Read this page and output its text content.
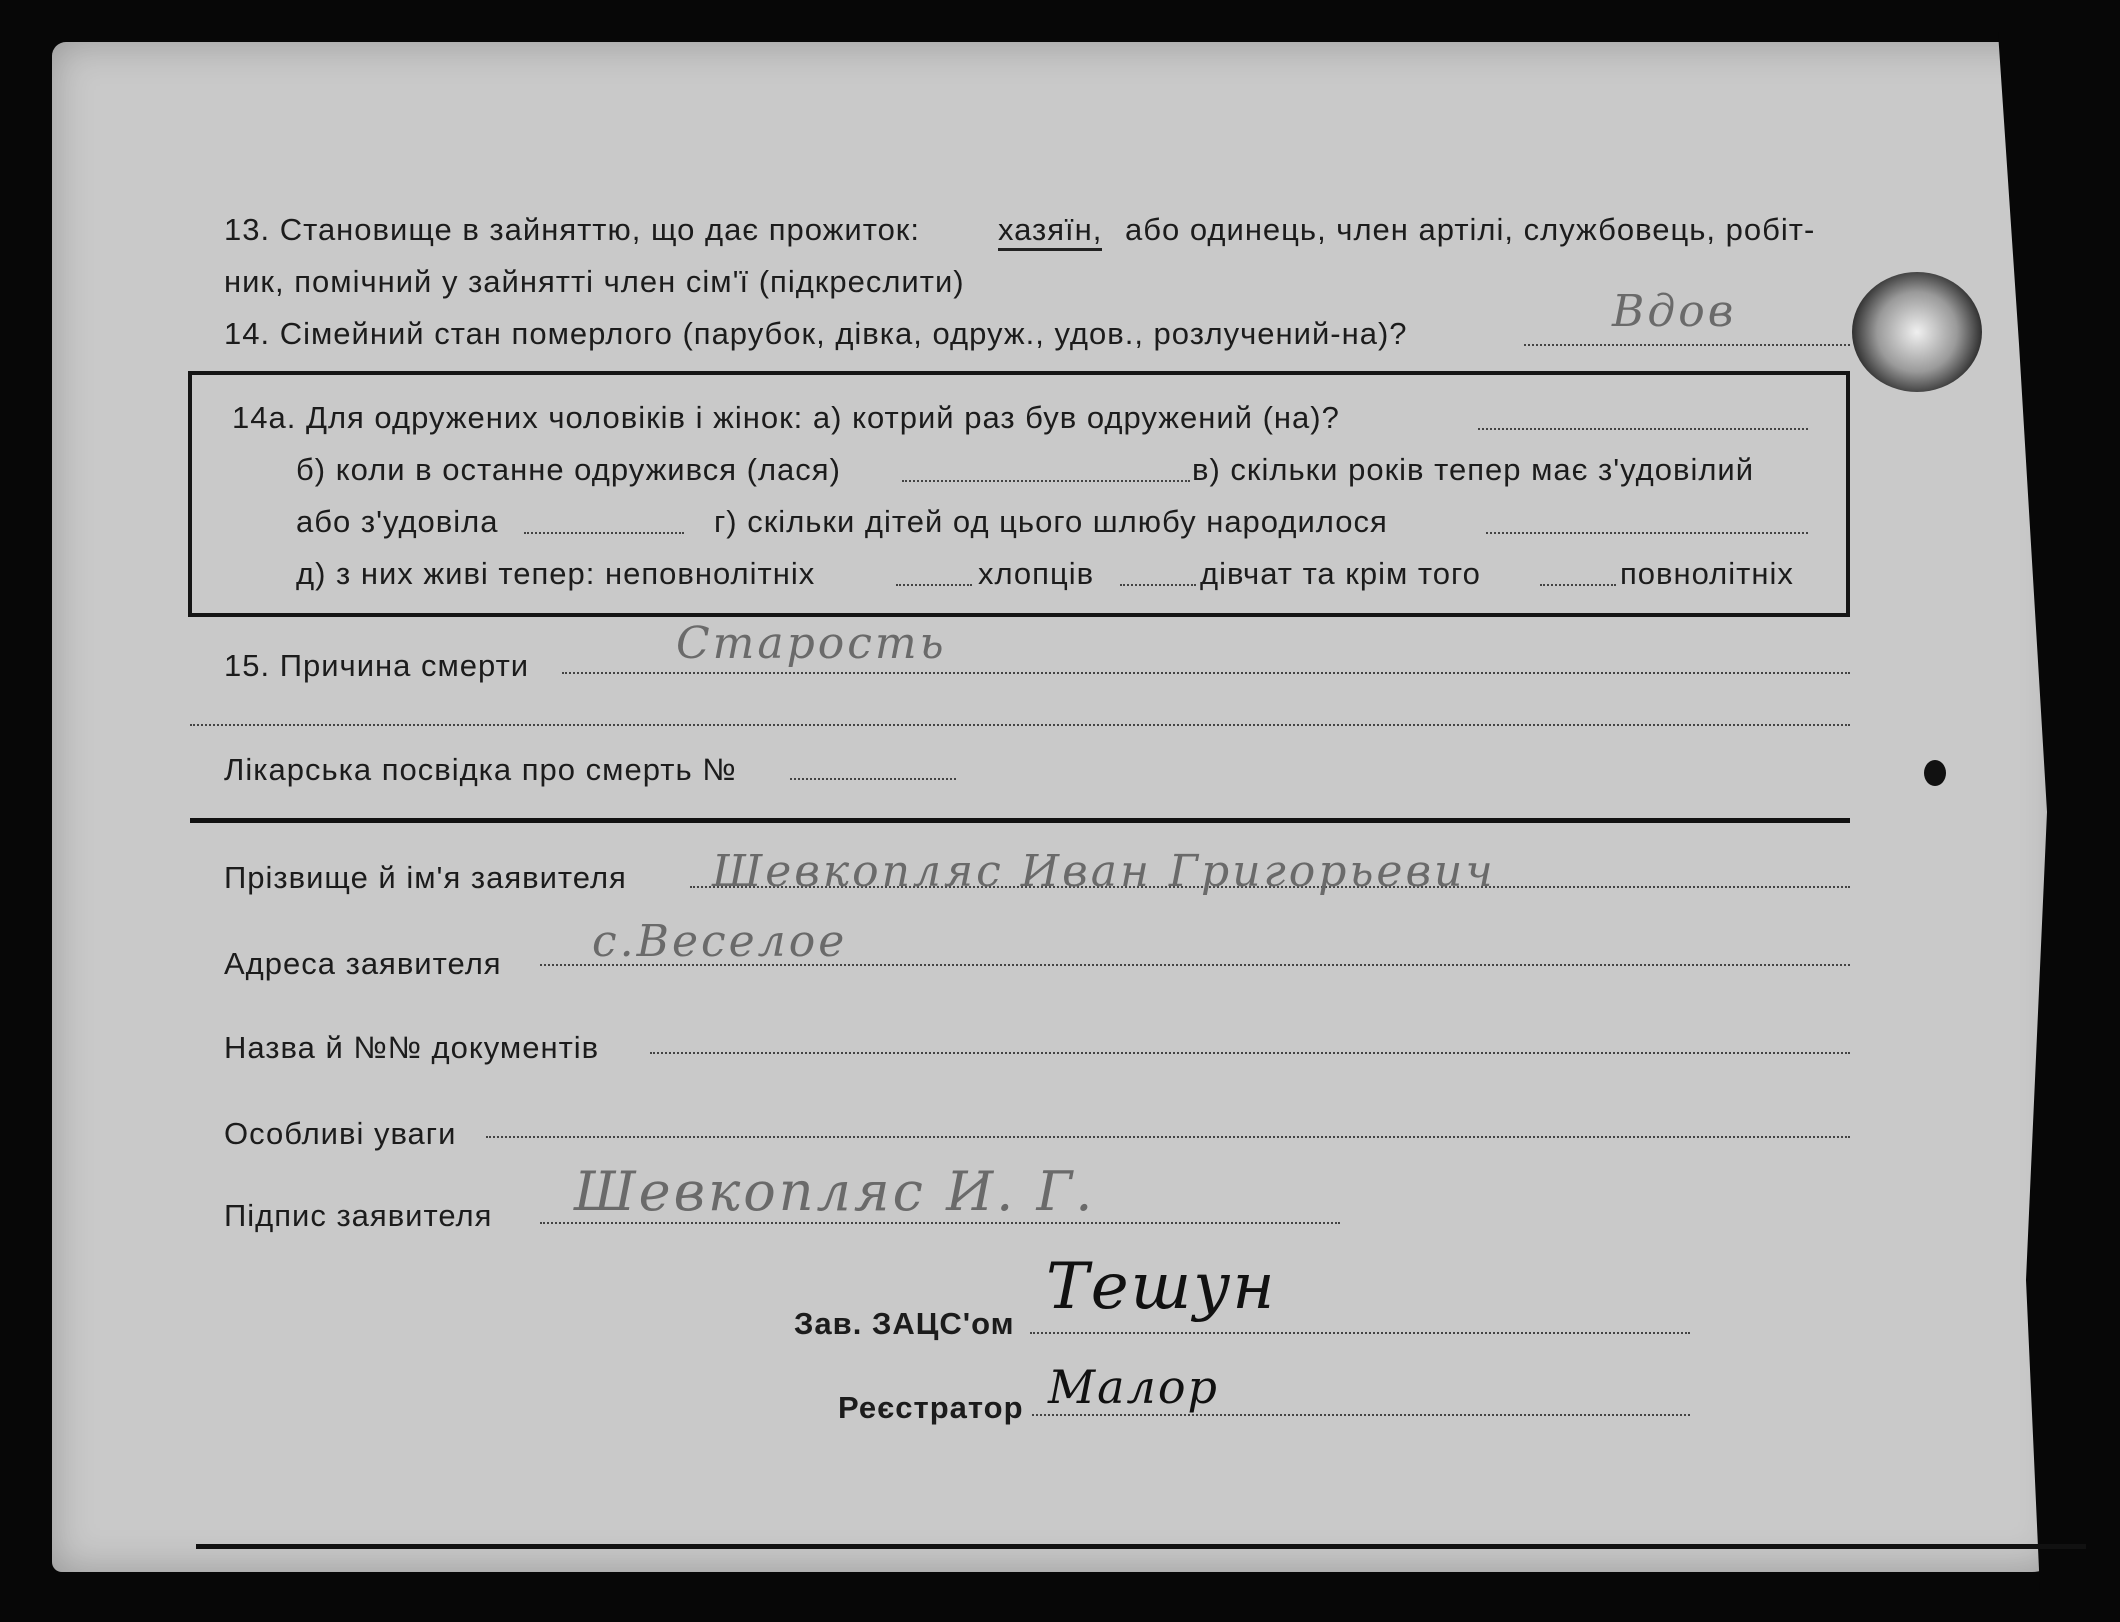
13. Становище в зайняттю, що дає прожиток:	хазяїн, або одинець, член артілі, службовець, робіт-
ник, помічний у зайнятті член сім'ї (підкреслити)
14. Сімейний стан померлого (парубок, дівка, одруж., удов., розлучений-на)?	Вдов
14а. Для одружених чоловіків і жінок: а) котрий раз був одружений (на)?
б) коли в останне одружився (лася)	в) скільки років тепер має з'удовілий
або з'удовіла	г) скільки дітей од цього шлюбу народилося
д) з них живі тепер: неповнолітніх	хлопців	дівчат та крім того	повнолітніх
15. Причина смерти	Старость
Лікарська посвідка про смерть №
Прізвище й ім'я заявителя Шевкопляс Иван Григорьевич
Адреса заявителя с.Веселое
Назва й №№ документів
Особливі уваги
Підпис заявителя Шевкопляс И. Г.
Зав. ЗАЦС'ом Тешун
Реєстратор Малор
